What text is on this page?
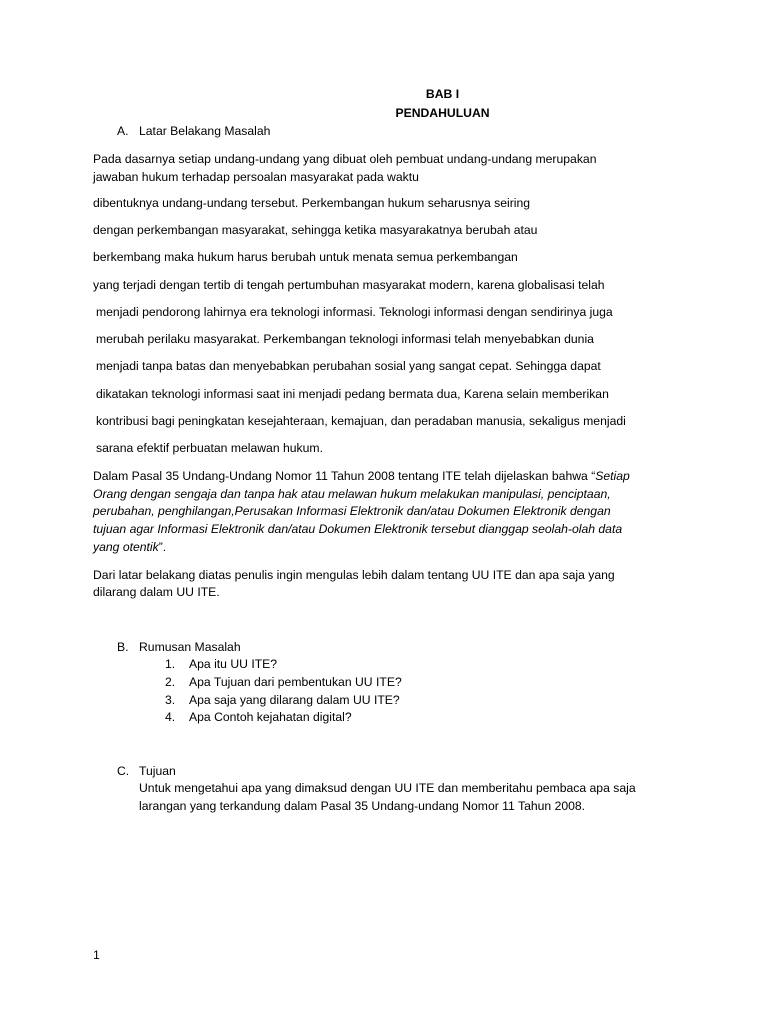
BAB I
PENDAHULUAN
A. Latar Belakang Masalah
Pada dasarnya setiap undang-undang yang dibuat oleh pembuat undang-undang merupakan
jawaban hukum terhadap persoalan masyarakat pada waktu
dibentuknya undang-undang tersebut. Perkembangan hukum seharusnya seiring
dengan perkembangan masyarakat, sehingga ketika masyarakatnya berubah atau
berkembang maka hukum harus berubah untuk menata semua perkembangan
yang terjadi dengan tertib di tengah pertumbuhan masyarakat modern, karena globalisasi telah
menjadi pendorong lahirnya era teknologi informasi. Teknologi informasi dengan sendirinya juga
merubah perilaku masyarakat. Perkembangan teknologi informasi telah menyebabkan dunia
menjadi tanpa batas dan menyebabkan perubahan sosial yang sangat cepat. Sehingga dapat
dikatakan teknologi informasi saat ini menjadi pedang bermata dua, Karena selain memberikan
kontribusi bagi peningkatan kesejahteraan, kemajuan, dan peradaban manusia, sekaligus menjadi
sarana efektif perbuatan melawan hukum.
Dalam Pasal 35 Undang-Undang Nomor 11 Tahun 2008 tentang ITE telah dijelaskan bahwa “Setiap
Orang dengan sengaja dan tanpa hak atau melawan hukum melakukan manipulasi, penciptaan,
perubahan, penghilangan,Perusakan Informasi Elektronik dan/atau Dokumen Elektronik dengan
tujuan agar Informasi Elektronik dan/atau Dokumen Elektronik tersebut dianggap seolah-olah data
yang otentik”.
Dari latar belakang diatas penulis ingin mengulas lebih dalam tentang UU ITE dan apa saja yang
dilarang dalam UU ITE.
B. Rumusan Masalah
1.	Apa itu UU ITE?
2.	Apa Tujuan dari pembentukan UU ITE?
3.	Apa saja yang dilarang dalam UU ITE?
4.	Apa Contoh kejahatan digital?
C. Tujuan
Untuk mengetahui apa yang dimaksud dengan UU ITE dan memberitahu pembaca apa saja
larangan yang terkandung dalam Pasal 35 Undang-undang Nomor 11 Tahun 2008.
1
